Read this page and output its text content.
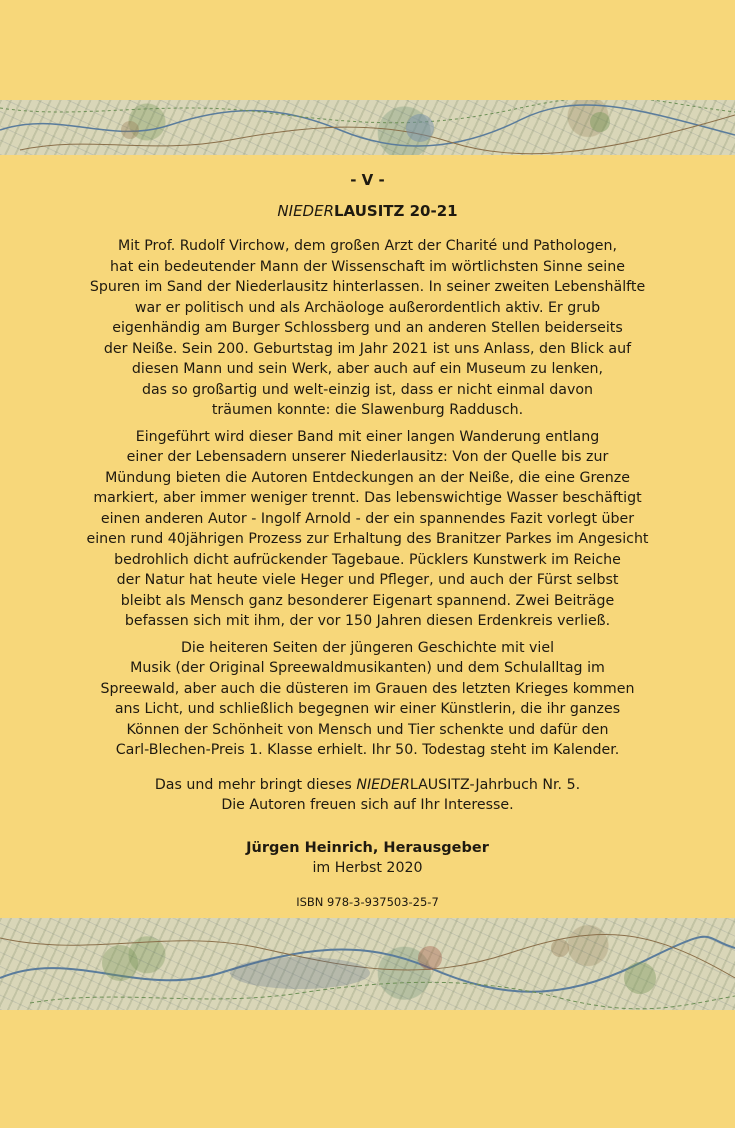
- V -

NIEDERLAUSITZ 20-21

Mit Prof. Rudolf Virchow, dem großen Arzt der Charité und Pathologen,
hat ein bedeutender Mann der Wissenschaft im wörtlichsten Sinne seine
Spuren im Sand der Niederlausitz hinterlassen. In seiner zweiten Lebenshälfte
war er politisch und als Archäologe außerordentlich aktiv. Er grub
eigenhändig am Burger Schlossberg und an anderen Stellen beiderseits
der Neiße. Sein 200. Geburtstag im Jahr 2021 ist uns Anlass, den Blick auf
diesen Mann und sein Werk, aber auch auf ein Museum zu lenken,
das so großartig und welt-einzig ist, dass er nicht einmal davon
träumen konnte: die Slawenburg Raddusch.

Eingeführt wird dieser Band mit einer langen Wanderung entlang
einer der Lebensadern unserer Niederlausitz: Von der Quelle bis zur
Mündung bieten die Autoren Entdeckungen an der Neiße, die eine Grenze
markiert, aber immer weniger trennt. Das lebenswichtige Wasser beschäftigt
einen anderen Autor - Ingolf Arnold - der ein spannendes Fazit vorlegt über
einen rund 40jährigen Prozess zur Erhaltung des Branitzer Parkes im Angesicht
bedrohlich dicht aufrückender Tagebaue. Pücklers Kunstwerk im Reiche
der Natur hat heute viele Heger und Pfleger, und auch der Fürst selbst
bleibt als Mensch ganz besonderer Eigenart spannend. Zwei Beiträge
befassen sich mit ihm, der vor 150 Jahren diesen Erdenkreis verließ.

Die heiteren Seiten der jüngeren Geschichte mit viel
Musik (der Original Spreewaldmusikanten) und dem Schulalltag im
Spreewald, aber auch die düsteren im Grauen des letzten Krieges kommen
ans Licht, und schließlich begegnen wir einer Künstlerin, die ihr ganzes
Können der Schönheit von Mensch und Tier schenkte und dafür den
Carl-Blechen-Preis 1. Klasse erhielt. Ihr 50. Todestag steht im Kalender.

Das und mehr bringt dieses NIEDERLAUSITZ-Jahrbuch Nr. 5.
Die Autoren freuen sich auf Ihr Interesse.

Jürgen Heinrich, Herausgeber

im Herbst 2020

ISBN 978-3-937503-25-7
